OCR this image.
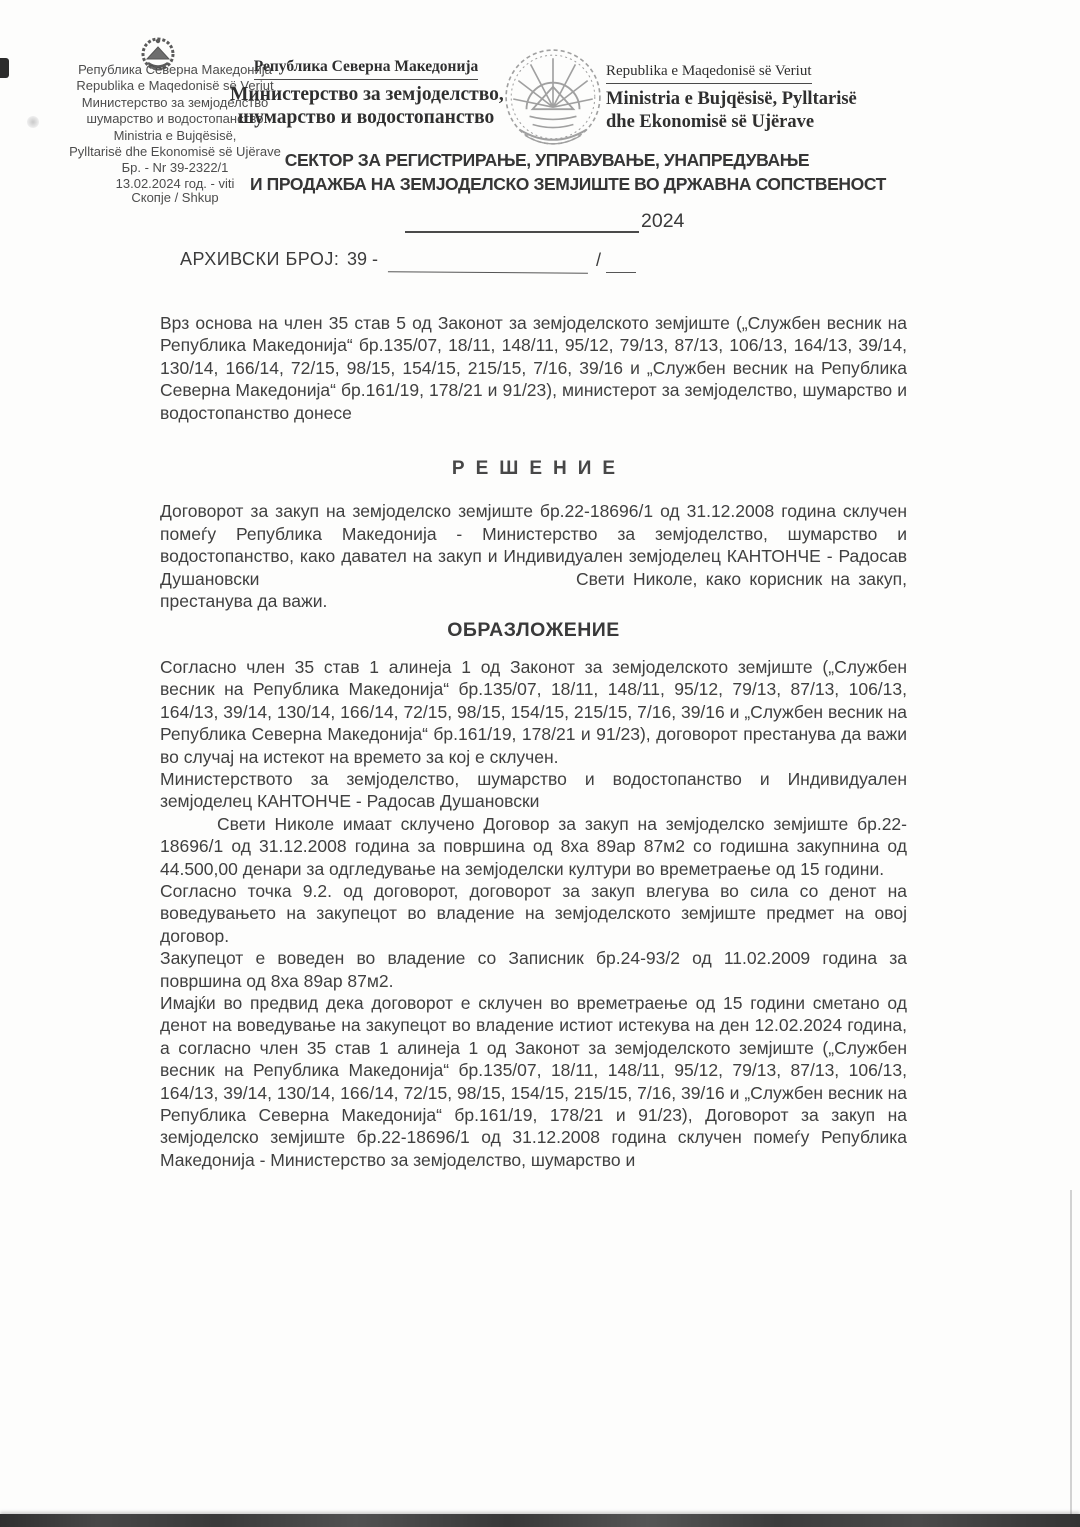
Република Северна Македонија
Republika e Maqedonisë së Veriut
Министерство за земјоделство
шумарство и водостопанство
Ministria e Bujqësisë,
Pylltarisë dhe Ekonomisë së Ujërave
Бр. - Nr 39-2322/1
13.02.2024 год. - viti
Скопје / Shkup
Република Северна Македонија

Министерство за земјоделство,
шумарство и водостопанство
Republika e Maqedonisë së Veriut

Ministria e Bujqësisë, Pylltarisë
dhe Ekonomisë së Ujërave
СЕКТОР ЗА РЕГИСТРИРАЊЕ, УПРАВУВАЊЕ, УНАПРЕДУВАЊЕ
И ПРОДАЖБА НА ЗЕМЈОДЕЛСКО ЗЕМЈИШТЕ ВО ДРЖАВНА СОПСТВЕНОСТ
2024
АРХИВСКИ БРОЈ: 39 -	/

Врз основа на член 35 став 5 од Законот за земјоделското земјиште („Службен весник на Република Македонија“ бр.135/07, 18/11, 148/11, 95/12, 79/13, 87/13, 106/13, 164/13, 39/14, 130/14, 166/14, 72/15, 98/15, 154/15, 215/15, 7/16, 39/16 и „Службен весник на Република Северна Македонија“ бр.161/19, 178/21 и 91/23), министерот за земјоделство, шумарство и водостопанство донесе

РЕШЕНИЕ

Договорот за закуп на земјоделско земјиште бр.22-18696/1 од 31.12.2008 година склучен помеѓу Република Македонија - Министерство за земјоделство, шумарство и водостопанство, како давател на закуп и Индивидуален земјоделец КАНТОНЧЕ - Радосав Душановски	Свети Николе, како корисник на закуп, престанува да важи.

ОБРАЗЛОЖЕНИЕ

Согласно член 35 став 1 алинеја 1 од Законот за земјоделското земјиште („Службен весник на Република Македонија“ бр.135/07, 18/11, 148/11, 95/12, 79/13, 87/13, 106/13, 164/13, 39/14, 130/14, 166/14, 72/15, 98/15, 154/15, 215/15, 7/16, 39/16 и „Службен весник на Република Северна Македонија“ бр.161/19, 178/21 и 91/23), договорот престанува да важи во случај на истекот на времето за кој е склучен.

Министерството за земјоделство, шумарство и водостопанство и Индивидуален земјоделец КАНТОНЧЕ - Радосав Душановски

Свети Николе имаат склучено Договор за закуп на земјоделско земјиште бр.22-18696/1 од 31.12.2008 година за површина од 8ха 89ар 87м2 со годишна закупнина од 44.500,00 денари за одгледување на земјоделски култури во времетраење од 15 години.

Согласно точка 9.2. од договорот, договорот за закуп влегува во сила со денот на воведувањето на закупецот во владение на земјоделското земјиште предмет на овој договор.

Закупецот е воведен во владение со Записник бр.24-93/2 од 11.02.2009 година за површина од 8ха 89ар 87м2.

Имајќи во предвид дека договорот е склучен во времетраење од 15 години сметано од денот на воведување на закупецот во владение истиот истекува на ден 12.02.2024 година, а согласно член 35 став 1 алинеја 1 од Законот за земјоделското земјиште („Службен весник на Република Македонија“ бр.135/07, 18/11, 148/11, 95/12, 79/13, 87/13, 106/13, 164/13, 39/14, 130/14, 166/14, 72/15, 98/15, 154/15, 215/15, 7/16, 39/16 и „Службен весник на Република Северна Македонија“ бр.161/19, 178/21 и 91/23), Договорот за закуп на земјоделско земјиште бр.22-18696/1 од 31.12.2008 година склучен помеѓу Република Македонија - Министерство за земјоделство, шумарство и
